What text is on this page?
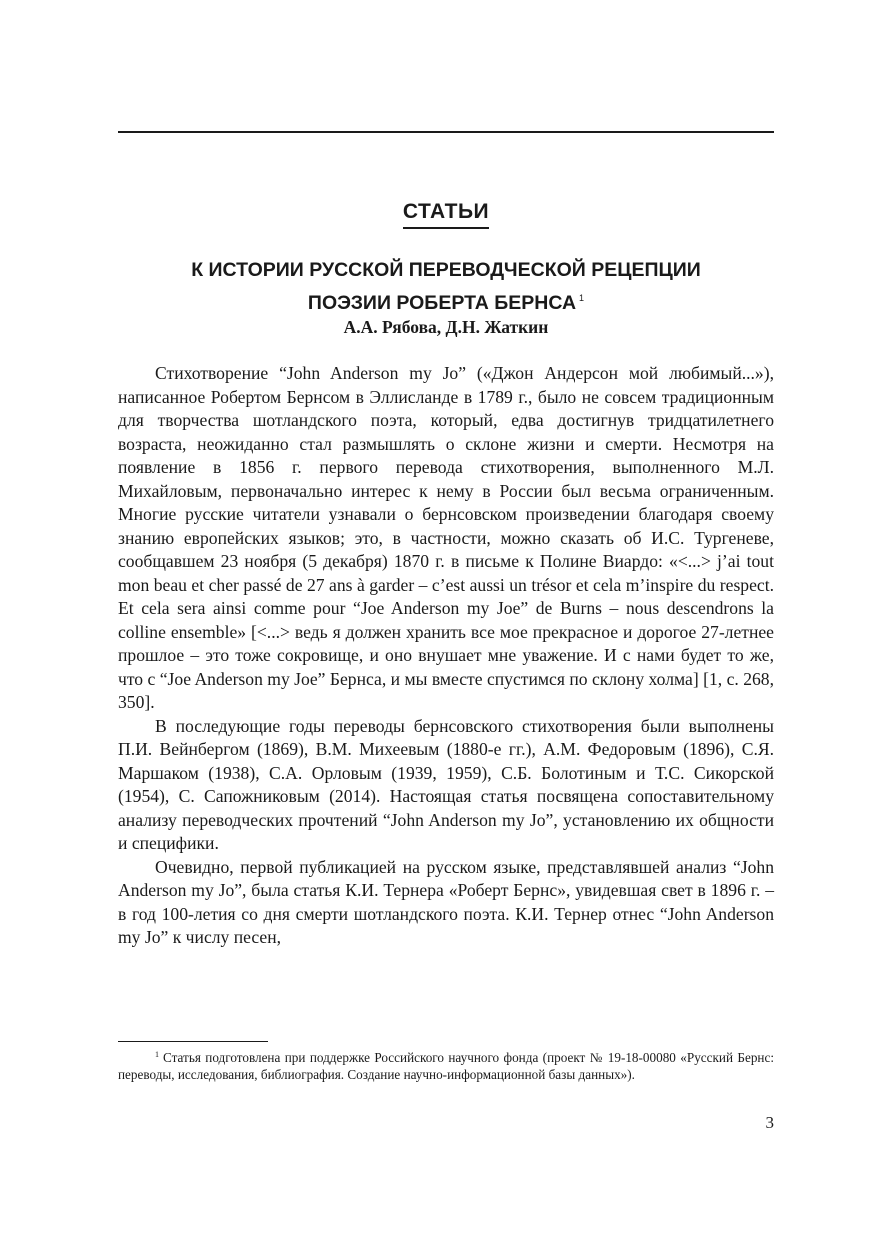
СТАТЬИ
К ИСТОРИИ РУССКОЙ ПЕРЕВОДЧЕСКОЙ РЕЦЕПЦИИ
ПОЭЗИИ РОБЕРТА БЕРНСА $^1$
А.А. Рябова, Д.Н. Жаткин

Стихотворение “John Anderson my Jo” («Джон Андерсон мой любимый...»), написанное Робертом Бернсом в Эллисланде в 1789 г., было не совсем традиционным для творчества шотландского поэта, который, едва достигнув тридцатилетнего возраста, неожиданно стал размышлять о склоне жизни и смерти. Несмотря на появление в 1856 г. первого перевода стихотворения, выполненного М.Л. Михайловым, первоначально интерес к нему в России был весьма ограниченным. Многие русские читатели узнавали о бернсовском произведении благодаря своему знанию европейских языков; это, в частности, можно сказать об И.С. Тургеневе, сообщавшем 23 ноября (5 декабря) 1870 г. в письме к Полине Виардо: «<...> j’ai tout mon beau et cher passé de 27 ans à garder – c’est aussi un trésor et cela m’inspire du respect. Et cela sera ainsi comme pour “Joe Anderson my Joe” de Burns – nous descendrons la colline ensemble» [<...> ведь я должен хранить все мое прекрасное и дорогое 27-летнее прошлое – это тоже сокровище, и оно внушает мне уважение. И с нами будет то же, что с “Joe Anderson my Joe” Бернса, и мы вместе спустимся по склону холма] [1, с. 268, 350].

В последующие годы переводы бернсовского стихотворения были выполнены П.И. Вейнбергом (1869), В.М. Михеевым (1880-е гг.), А.М. Федоровым (1896), С.Я. Маршаком (1938), С.А. Орловым (1939, 1959), С.Б. Болотиным и Т.С. Сикорской (1954), С. Сапожниковым (2014). Настоящая статья посвящена сопоставительному анализу переводческих прочтений “John Anderson my Jo”, установлению их общности и специфики.

Очевидно, первой публикацией на русском языке, представлявшей анализ “John Anderson my Jo”, была статья К.И. Тернера «Роберт Бернс», увидевшая свет в 1896 г. – в год 100-летия со дня смерти шотландского поэта. К.И. Тернер отнес “John Anderson my Jo” к числу песен,

$^1$ Статья подготовлена при поддержке Российского научного фонда (проект № 19-18-00080 «Русский Бернс: переводы, исследования, библиография. Создание научно-информационной базы данных»).
3
